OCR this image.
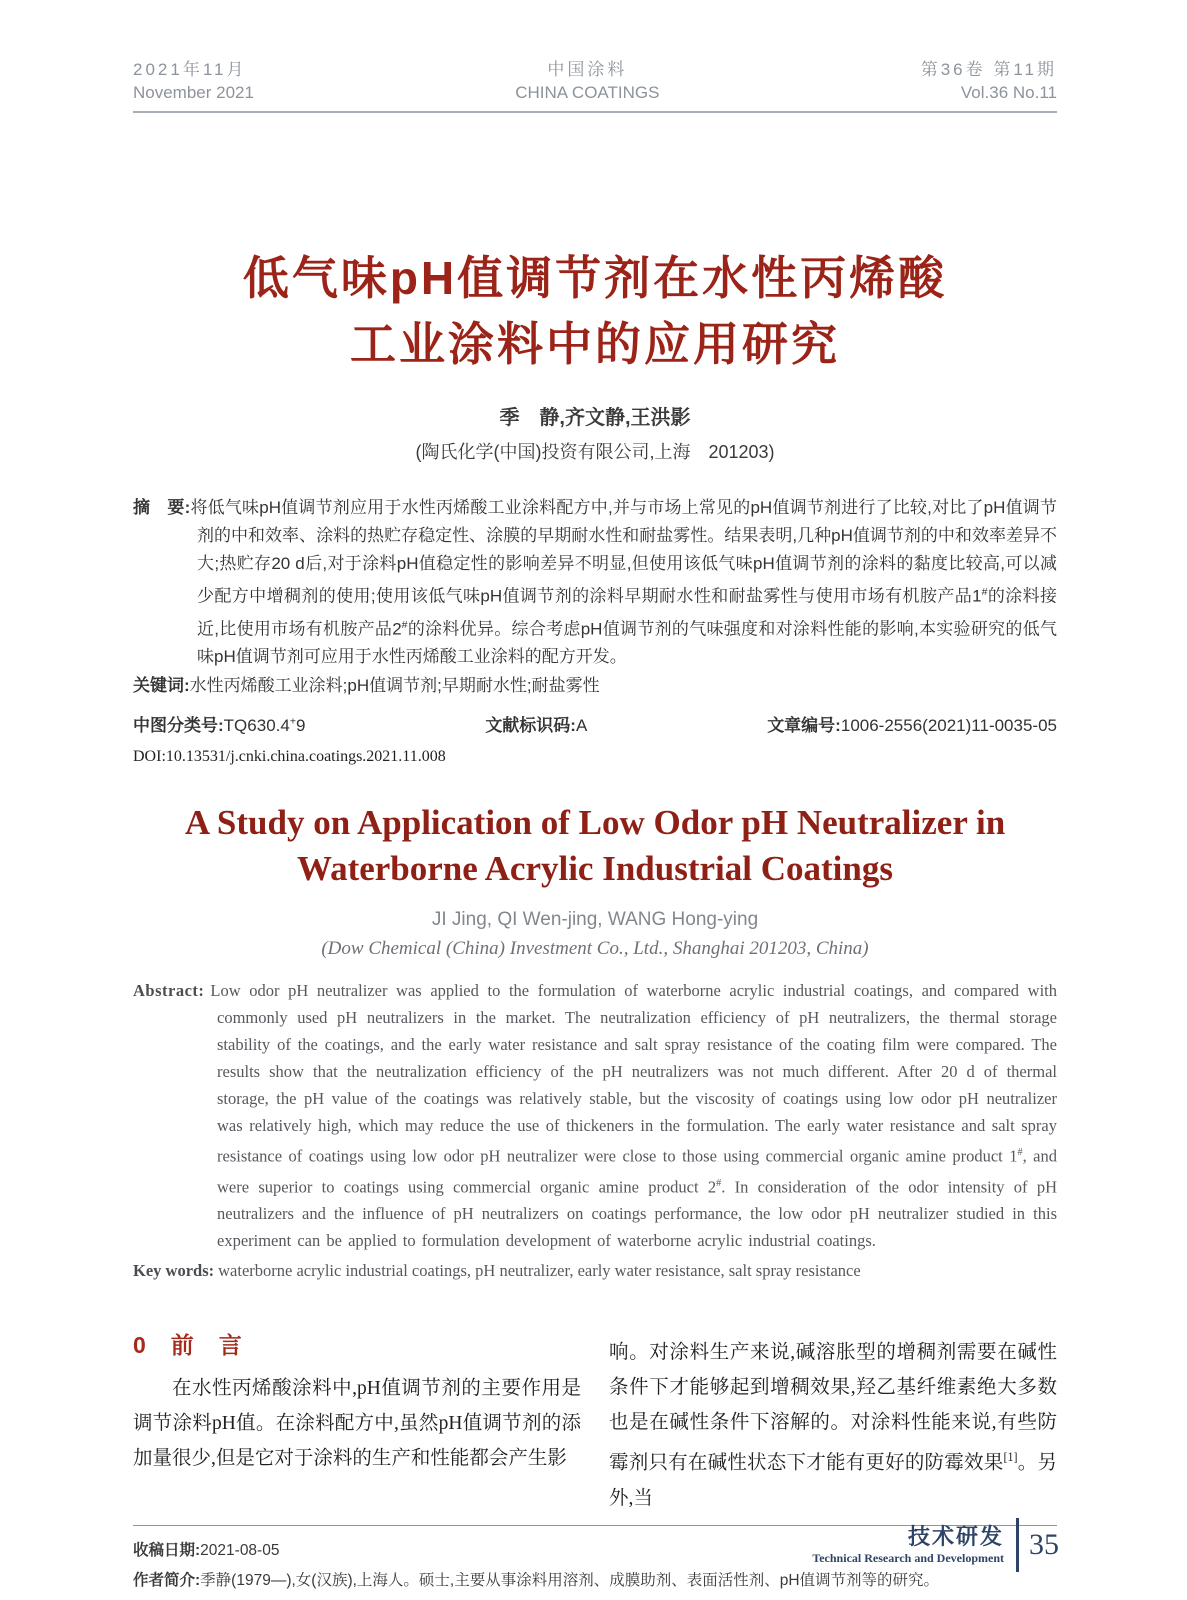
2021年11月
November 2021
中国涂料
CHINA COATINGS
第36卷 第11期
Vol.36 No.11
低气味pH值调节剂在水性丙烯酸
工业涂料中的应用研究
季　静,齐文静,王洪影
(陶氏化学(中国)投资有限公司,上海　201203)

摘　要:将低气味pH值调节剂应用于水性丙烯酸工业涂料配方中,并与市场上常见的pH值调节剂进行了比较,对比了pH值调节剂的中和效率、涂料的热贮存稳定性、涂膜的早期耐水性和耐盐雾性。结果表明,几种pH值调节剂的中和效率差异不大;热贮存20 d后,对于涂料pH值稳定性的影响差异不明显,但使用该低气味pH值调节剂的涂料的黏度比较高,可以减少配方中增稠剂的使用;使用该低气味pH值调节剂的涂料早期耐水性和耐盐雾性与使用市场有机胺产品1#的涂料接近,比使用市场有机胺产品2#的涂料优异。综合考虑pH值调节剂的气味强度和对涂料性能的影响,本实验研究的低气味pH值调节剂可应用于水性丙烯酸工业涂料的配方开发。

关键词:水性丙烯酸工业涂料;pH值调节剂;早期耐水性;耐盐雾性

中图分类号:TQ630.4+9	文献标识码:A	文章编号:1006-2556(2021)11-0035-05
DOI:10.13531/j.cnki.china.coatings.2021.11.008
A Study on Application of Low Odor pH Neutralizer in
Waterborne Acrylic Industrial Coatings
JI Jing, QI Wen-jing, WANG Hong-ying
(Dow Chemical (China) Investment Co., Ltd., Shanghai 201203, China)

Abstract: Low odor pH neutralizer was applied to the formulation of waterborne acrylic industrial coatings, and compared with commonly used pH neutralizers in the market. The neutralization efficiency of pH neutralizers, the thermal storage stability of the coatings, and the early water resistance and salt spray resistance of the coating film were compared. The results show that the neutralization efficiency of the pH neutralizers was not much different. After 20 d of thermal storage, the pH value of the coatings was relatively stable, but the viscosity of coatings using low odor pH neutralizer was relatively high, which may reduce the use of thickeners in the formulation. The early water resistance and salt spray resistance of coatings using low odor pH neutralizer were close to those using commercial organic amine product 1#, and were superior to coatings using commercial organic amine product 2#. In consideration of the odor intensity of pH neutralizers and the influence of pH neutralizers on coatings performance, the low odor pH neutralizer studied in this experiment can be applied to formulation development of waterborne acrylic industrial coatings.

Key words: waterborne acrylic industrial coatings, pH neutralizer, early water resistance, salt spray resistance

0　前　言

在水性丙烯酸涂料中,pH值调节剂的主要作用是调节涂料pH值。在涂料配方中,虽然pH值调节剂的添加量很少,但是它对于涂料的生产和性能都会产生影

响。对涂料生产来说,碱溶胀型的增稠剂需要在碱性条件下才能够起到增稠效果,羟乙基纤维素绝大多数也是在碱性条件下溶解的。对涂料性能来说,有些防霉剂只有在碱性状态下才能有更好的防霉效果[1]。另外,当

收稿日期:2021-08-05
作者简介:季静(1979—),女(汉族),上海人。硕士,主要从事涂料用溶剂、成膜助剂、表面活性剂、pH值调节剂等的研究。
技术研发
Technical Research and Development 35
